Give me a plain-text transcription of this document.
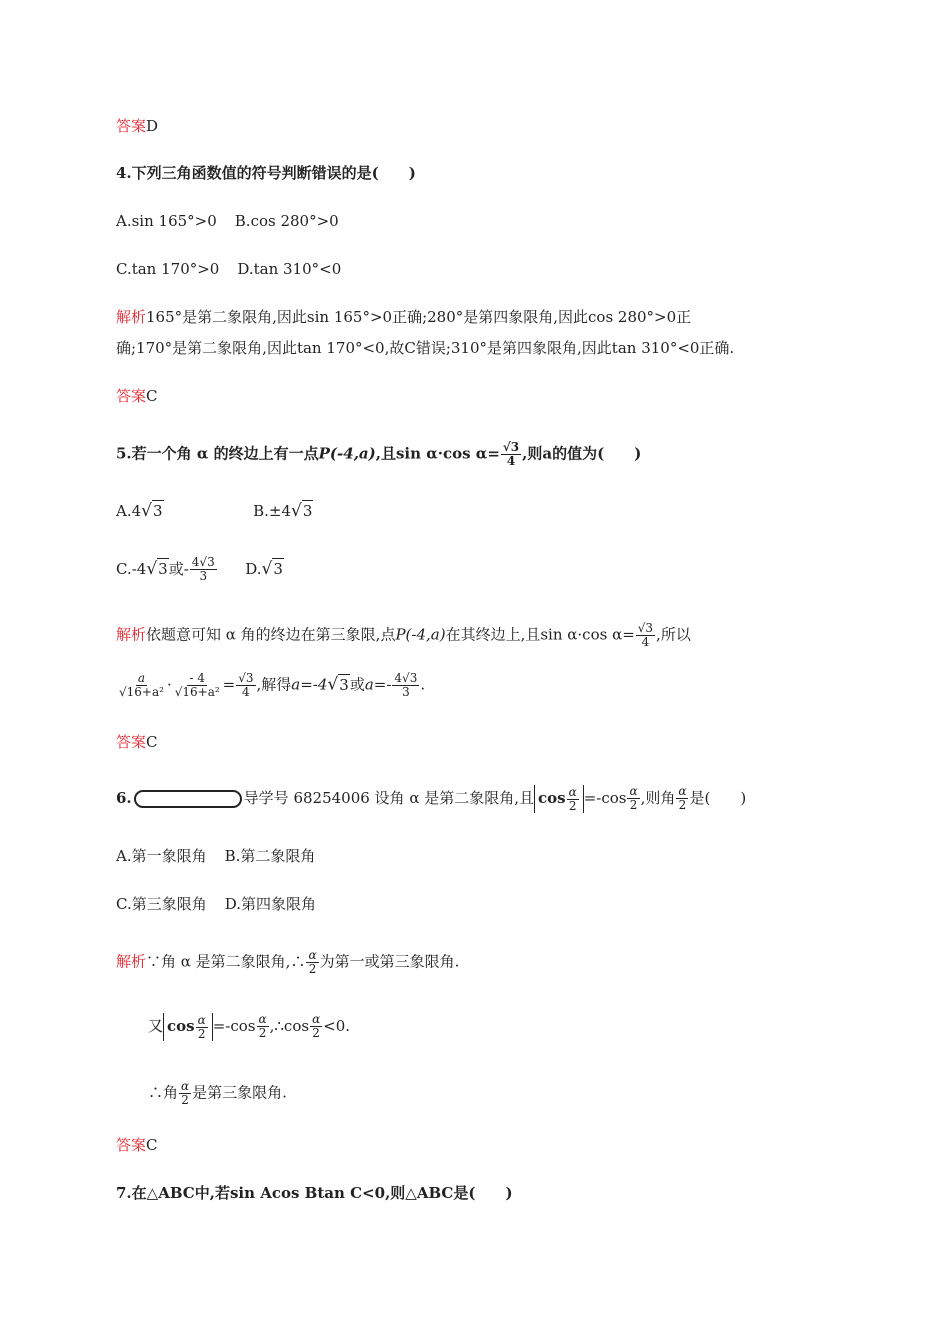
答案D
4.下列三角函数值的符号判断错误的是(　　)
A.sin 165°>0 B.cos 280°>0
C.tan 170°>0 D.tan 310°<0
解析165°是第二象限角,因此sin 165°>0正确;280°是第四象限角,因此cos 280°>0正
确;170°是第二象限角,因此tan 170°<0,故C错误;310°是第四象限角,因此tan 310°<0正确.
答案C
5.若一个角 α 的终边上有一点P(-4,a),且sin α·cos $\alpha= \frac{√3}{4}$ ,则a的值为(　　)
A.4√3	B.±4√3
C.-4√3或- $\frac{4√3}{3} D.√3$
解析依题意可知 α 角的终边在第三象限,点P(-4,a)在其终边上,且sin α·cos $\alpha= \frac{√3}{4}$ ,所以
$\frac{a}{\text{√16+a²}} \cdot \frac{- 4}{\text{√16+a²}} = \frac{√3}{4}$ ,解得a=-4√3或$a=- \frac{4√3}{3}$ .
答案C
6.	导学号 68254006 设角 α 是第二象限角,且 $\cos \frac{\alpha}{2} =-\cos \frac{\alpha}{2}$ ,则角 $\frac{\alpha}{2}$ 是(　　)
A.第一象限角 B.第二象限角
C.第三象限角 D.第四象限角
解析∵角 α 是第二象限角,∴ $\frac{\alpha}{2}$ 为第一或第三象限角.
又 $\cos \frac{\alpha}{2} =-\cos \frac{\alpha}{2}$ ,∴cos $\frac{\alpha}{2} <0$.
∴角 $\frac{\alpha}{2}$ 是第三象限角.
答案C
7.在△ABC中,若sin Acos Btan C<0,则△ABC是(　　)
